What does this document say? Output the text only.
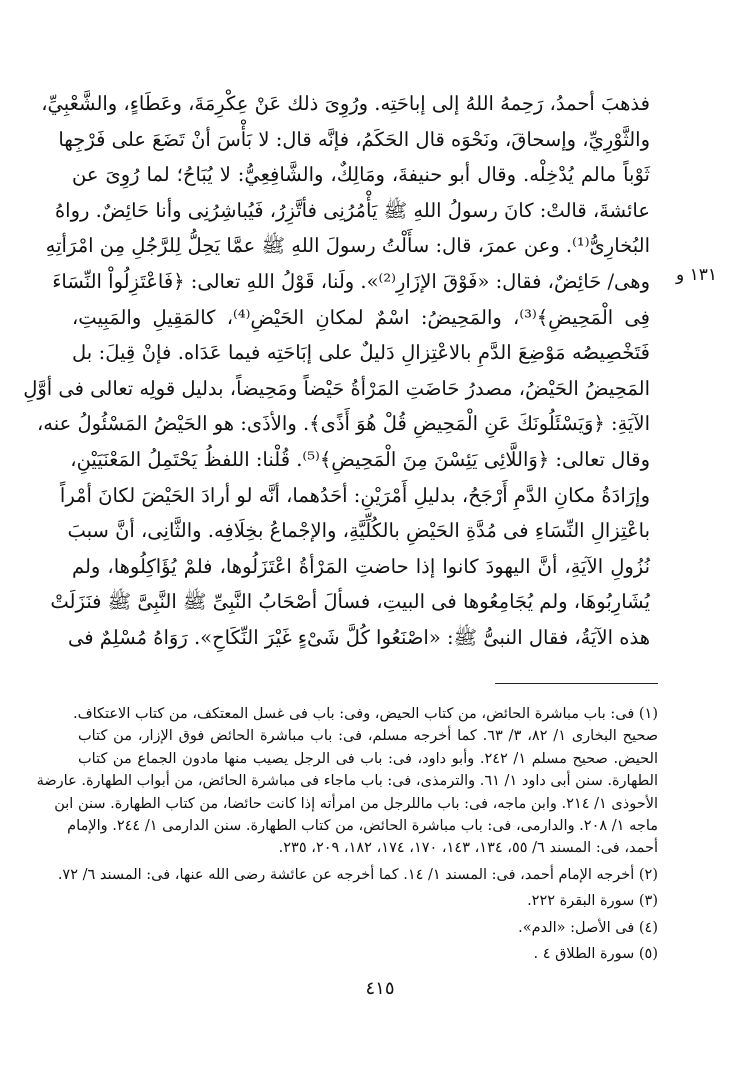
١٣١ و
فذهبَ أحمدُ، رَحِمهُ اللهُ إلى إباحَتِه. ورُوِىَ ذلك عَنْ عِكْرِمَةَ، وعَطَاءٍ، والشَّعْبِيِّ،
والثَّوْرِيِّ، وإسحاقَ، ونَحْوَه قال الحَكَمُ، فإنَّه قال: لا بَأْسَ أنْ تَضَعَ على فَرْجِها
ثَوْباً مالم يُدْخِلْه. وقال أبو حنيفةَ، ومَالِكٌ، والشَّافِعِيُّ: لا يُبَاحُ؛ لما رُوِىَ عن
عائشةَ، قالتْ: كانَ رسولُ اللهِ ﷺ يَأْمُرُنِى فأتَّزِرُ، فَيُباشِرُنِى وأنا حَائِضٌ. رواهُ
البُخارِىُّ⁽¹⁾. وعن عمرَ، قال: سأَلْتُ رسولَ اللهِ ﷺ عمَّا يَحِلُّ لِلرَّجُلِ مِن امْرَأتِهِ
وهى/ حَائِضٌ، فقال: «فَوْقَ الإزَارِ⁽²⁾». ولَنا، قَوْلُ اللهِ تعالى: ﴿فَاعْتَزِلُواْ النِّسَاءَ
فِى الْمَحِيضِ﴾⁽³⁾، والمَحِيضُ: اسْمٌ لمكانِ الحَيْضِ⁽⁴⁾، كالمَقِيلِ والمَبِيتِ،
فَتَخْصِيصُه مَوْضِعَ الدَّمِ بالاعْتِزالِ دَليلٌ على إبَاحَتِه فيما عَدَاه. فإنْ قِيلَ: بل
المَحِيضُ الحَيْضُ، مصدرُ حَاضَتِ المَرْأةُ حَيْضاً ومَحِيضاً، بدليل قولِه تعالى فى أوَّلِ
الآيَةِ: ﴿وَيَسْئَلُونَكَ عَنِ الْمَحِيضِ قُلْ هُوَ أَذًى﴾. والأذَى: هو الحَيْضُ المَسْئُولُ عنه،
وقال تعالى: ﴿وَاللَّائِى يَئِسْنَ مِنَ الْمَحِيضِ﴾⁽⁵⁾. قُلْنا: اللفظُ يَحْتَمِلُ المَعْنَيَيْنِ،
وإرَادَةُ مكانِ الدَّمِ أَرْجَحُ، بدليلِ أَمْرَيْنِ: أحَدُهما، أنَّه لو أرادَ الحَيْضَ لكانَ أمْراً
باعْتِزالِ النِّسَاءِ فى مُدَّةِ الحَيْضِ بالكُلِّيَّةِ، والإجْماعُ بخِلَافِه. والثَّانِى، أنَّ سببَ
نُزُولِ الآيَةِ، أنَّ اليهودَ كانوا إذا حاضتِ المَرْأةُ اعْتَزَلُوها، فلمْ يُؤَاكِلُوها، ولم
يُشَارِبُوهَا، ولم يُجَامِعُوها فى البيتِ، فسألَ أصْحَابُ النَّبِىِّ ﷺ النَّبِىَّ ﷺ فنَزَلَتْ
هذه الآيَةُ، فقال النبىُّ ﷺ: «اصْنَعُوا كُلَّ شَىْءٍ غَيْرَ النِّكَاحِ». رَوَاهُ مُسْلِمٌ فى
(١) فى: باب مباشرة الحائض، من كتاب الحيض، وفى: باب فى غسل المعتكف، من كتاب الاعتكاف.
صحيح البخارى ١/ ٨٢، ٣/ ٦٣. كما أخرجه مسلم، فى: باب مباشرة الحائض فوق الإزار، من كتاب
الحيض. صحيح مسلم ١/ ٢٤٢. وأبو داود، فى: باب فى الرجل يصيب منها مادون الجماع من كتاب
الطهارة. سنن أبى داود ١/ ٦١. والترمذى، فى: باب ماجاء فى مباشرة الحائض، من أبواب الطهارة. عارضة
الأحوذى ١/ ٢١٤. وابن ماجه، فى: باب ماللرجل من امرأته إذا كانت حائضا، من كتاب الطهارة. سنن ابن
ماجه ١/ ٢٠٨. والدارمى، فى: باب مباشرة الحائض، من كتاب الطهارة. سنن الدارمى ١/ ٢٤٤. والإمام
أحمد، فى: المسند ٦/ ٥٥، ١٣٤، ١٤٣، ١٧٠، ١٧٤، ١٨٢، ٢٠٩، ٢٣٥.
(٢) أخرجه الإمام أحمد، فى: المسند ١/ ١٤. كما أخرجه عن عائشة رضى الله عنها، فى: المسند ٦/ ٧٢.
(٣) سورة البقرة ٢٢٢.
(٤) فى الأصل: «الدم».
(٥) سورة الطلاق ٤ .
٤١٥
